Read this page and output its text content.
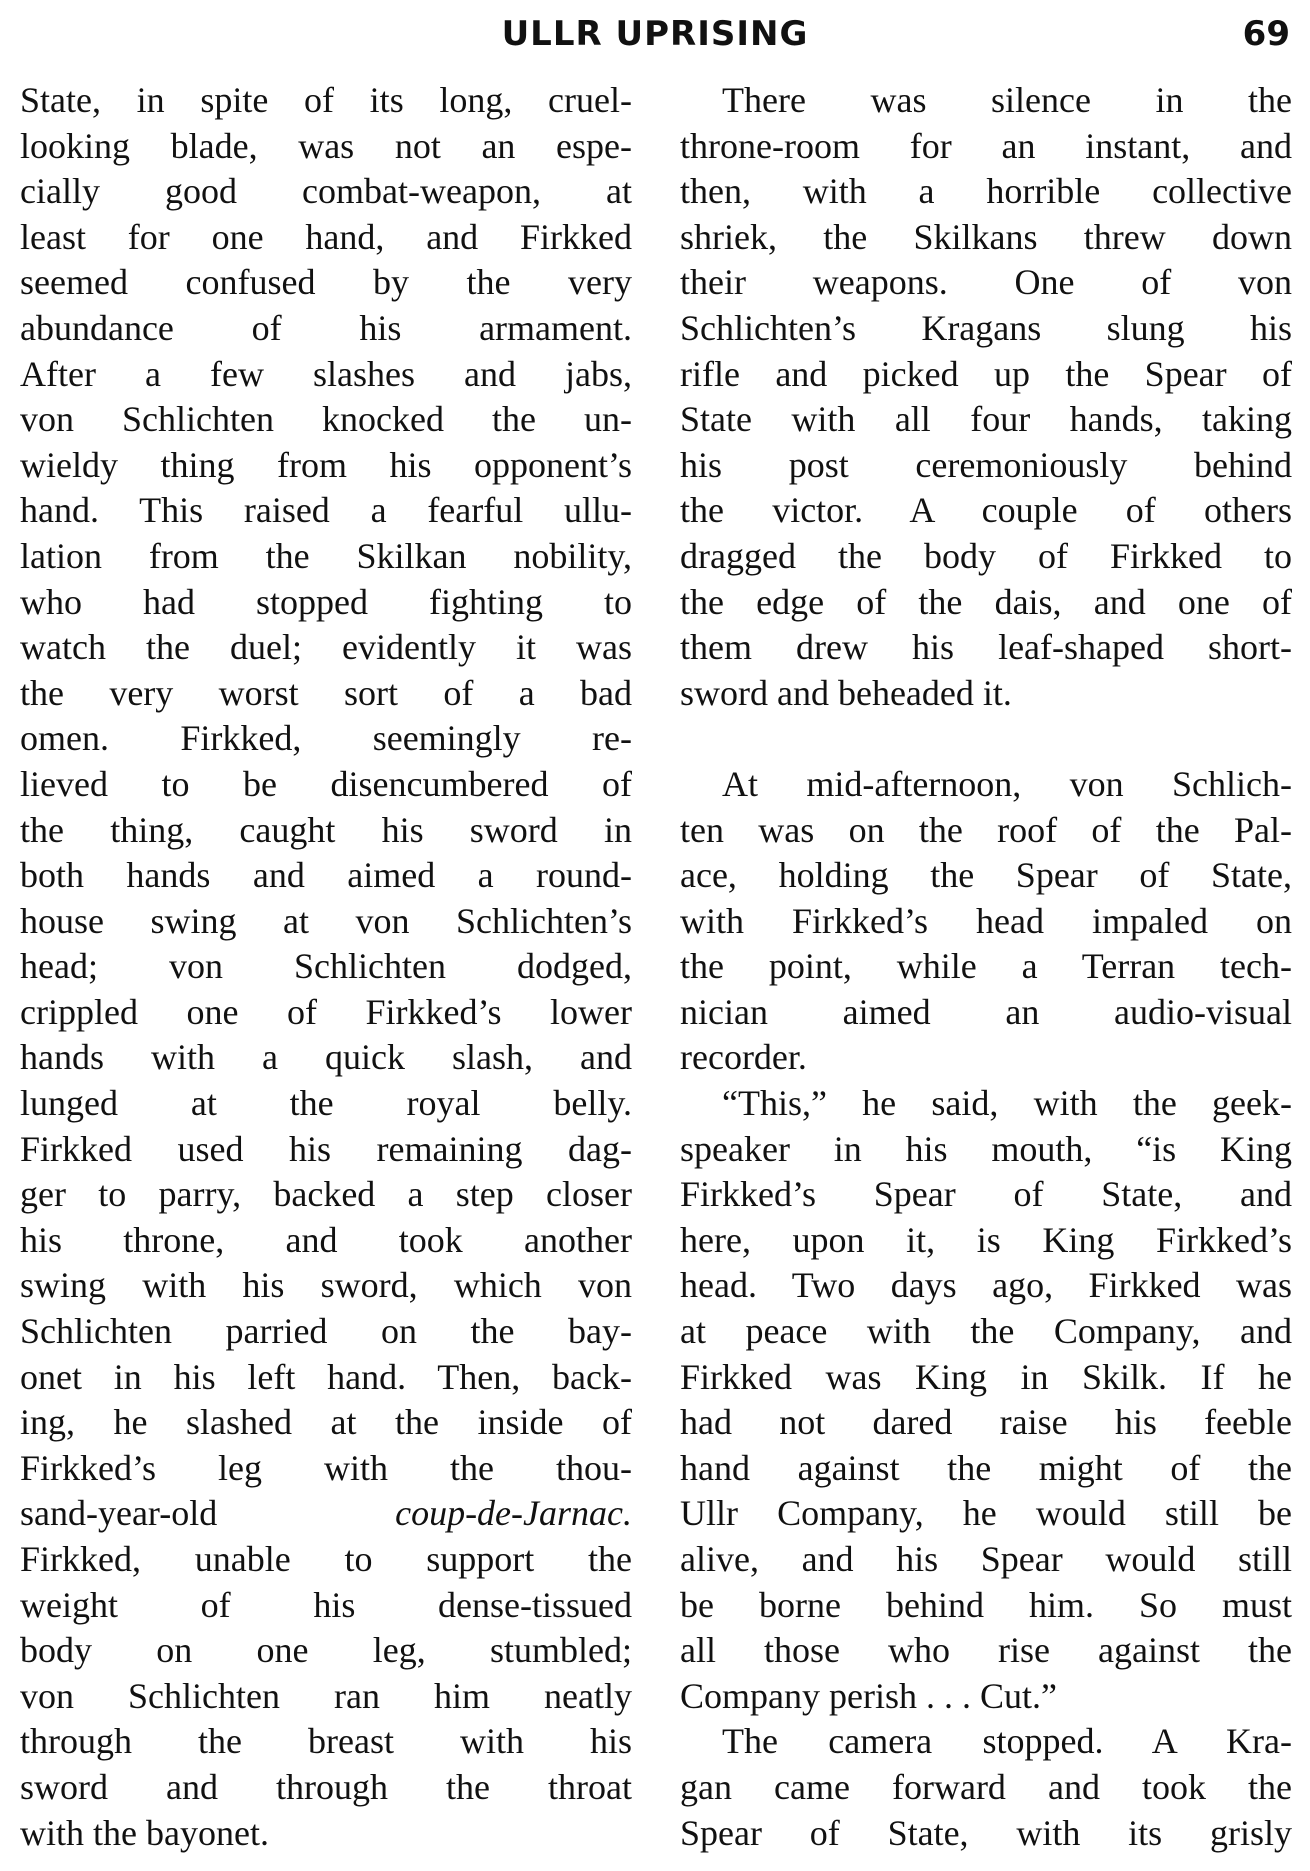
ULLR UPRISING	69
State, in spite of its long, cruel-
looking blade, was not an espe-
cially good combat-weapon, at
least for one hand, and Firkked
seemed confused by the very
abundance of his armament.
After a few slashes and jabs,
von Schlichten knocked the un-
wieldy thing from his opponent’s
hand. This raised a fearful ullu-
lation from the Skilkan nobility,
who had stopped fighting to
watch the duel; evidently it was
the very worst sort of a bad
omen. Firkked, seemingly re-
lieved to be disencumbered of
the thing, caught his sword in
both hands and aimed a round-
house swing at von Schlichten’s
head; von Schlichten dodged,
crippled one of Firkked’s lower
hands with a quick slash, and
lunged at the royal belly.
Firkked used his remaining dag-
ger to parry, backed a step closer
his throne, and took another
swing with his sword, which von
Schlichten parried on the bay-
onet in his left hand. Then, back-
ing, he slashed at the inside of
Firkked’s leg with the thou-
sand-year-old	coup-de-Jarnac.
Firkked, unable to support the
weight of his dense-tissued
body on one leg, stumbled;
von Schlichten ran him neatly
through the breast with his
sword and through the throat
with the bayonet.
There was silence in the
throne-room for an instant, and
then, with a horrible collective
shriek, the Skilkans threw down
their weapons. One of von
Schlichten’s Kragans slung his
rifle and picked up the Spear of
State with all four hands, taking
his post ceremoniously behind
the victor. A couple of others
dragged the body of Firkked to
the edge of the dais, and one of
them drew his leaf-shaped short-
sword and beheaded it.
At mid-afternoon, von Schlich-
ten was on the roof of the Pal-
ace, holding the Spear of State,
with Firkked’s head impaled on
the point, while a Terran tech-
nician aimed an audio-visual
recorder.
“This,” he said, with the geek-
speaker in his mouth, “is King
Firkked’s Spear of State, and
here, upon it, is King Firkked’s
head. Two days ago, Firkked was
at peace with the Company, and
Firkked was King in Skilk. If he
had not dared raise his feeble
hand against the might of the
Ullr Company, he would still be
alive, and his Spear would still
be borne behind him. So must
all those who rise against the
Company perish . . . Cut.”
The camera stopped. A Kra-
gan came forward and took the
Spear of State, with its grisly
